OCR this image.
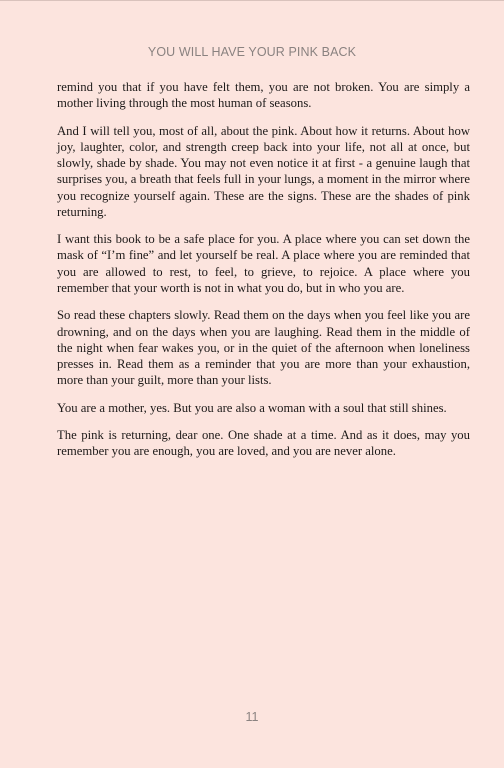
YOU WILL HAVE YOUR PINK BACK

remind you that if you have felt them, you are not broken. You are simply a mother living through the most human of seasons.

And I will tell you, most of all, about the pink. About how it returns. About how joy, laughter, color, and strength creep back into your life, not all at once, but slowly, shade by shade. You may not even notice it at first - a genuine laugh that surprises you, a breath that feels full in your lungs, a moment in the mirror where you recognize yourself again. These are the signs. These are the shades of pink returning.

I want this book to be a safe place for you. A place where you can set down the mask of “I’m fine” and let yourself be real. A place where you are reminded that you are allowed to rest, to feel, to grieve, to rejoice. A place where you remember that your worth is not in what you do, but in who you are.

So read these chapters slowly. Read them on the days when you feel like you are drowning, and on the days when you are laughing. Read them in the middle of the night when fear wakes you, or in the quiet of the afternoon when loneliness presses in. Read them as a reminder that you are more than your exhaustion, more than your guilt, more than your lists.

You are a mother, yes. But you are also a woman with a soul that still shines.

The pink is returning, dear one. One shade at a time. And as it does, may you remember you are enough, you are loved, and you are never alone.

11
